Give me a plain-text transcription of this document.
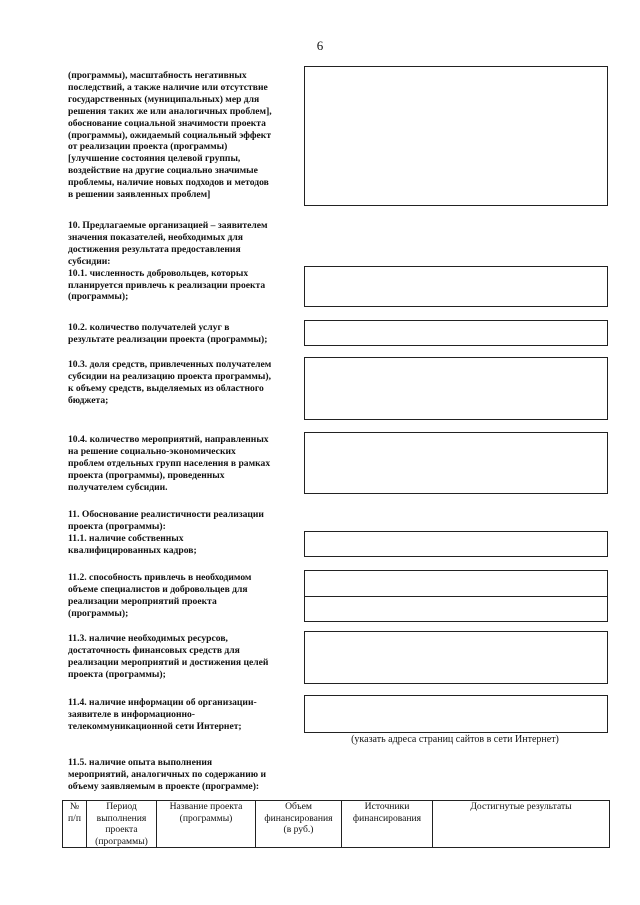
6
(программы), масштабность негативных
последствий, а также наличие или отсутствие
государственных (муниципальных) мер для
решения таких же или аналогичных проблем],
обоснование социальной значимости проекта
(программы), ожидаемый социальный эффект
от реализации проекта (программы)
[улучшение состояния целевой группы,
воздействие на другие социально значимые
проблемы, наличие новых подходов и методов
в решении заявленных проблем]
10. Предлагаемые организацией – заявителем
значения показателей, необходимых для
достижения результата предоставления
субсидии:
10.1. численность добровольцев, которых
планируется привлечь к реализации проекта
(программы);
10.2. количество получателей услуг в
результате реализации проекта (программы);
10.3. доля средств, привлеченных получателем
субсидии на реализацию проекта программы),
к объему средств, выделяемых из областного
бюджета;
10.4. количество мероприятий, направленных
на решение социально-экономических
проблем отдельных групп населения в рамках
проекта (программы), проведенных
получателем субсидии.
11. Обоснование реалистичности реализации
проекта (программы):
11.1. наличие собственных
квалифицированных кадров;
11.2. способность привлечь в необходимом
объеме специалистов и добровольцев для
реализации мероприятий проекта
(программы);
11.3. наличие необходимых ресурсов,
достаточность финансовых средств для
реализации мероприятий и достижения целей
проекта (программы);
11.4. наличие информации об организации-
заявителе в информационно-
телекоммуникационной сети Интернет;
(указать адреса страниц сайтов в сети Интернет)
11.5. наличие опыта выполнения
мероприятий, аналогичных по содержанию и
объему заявляемым в проекте (программе):
№
п/п

Период
выполнения
проекта
(программы)

Название проекта
(программы)

Объем
финансирования
(в руб.)

Источники
финансирования

Достигнутые результаты
